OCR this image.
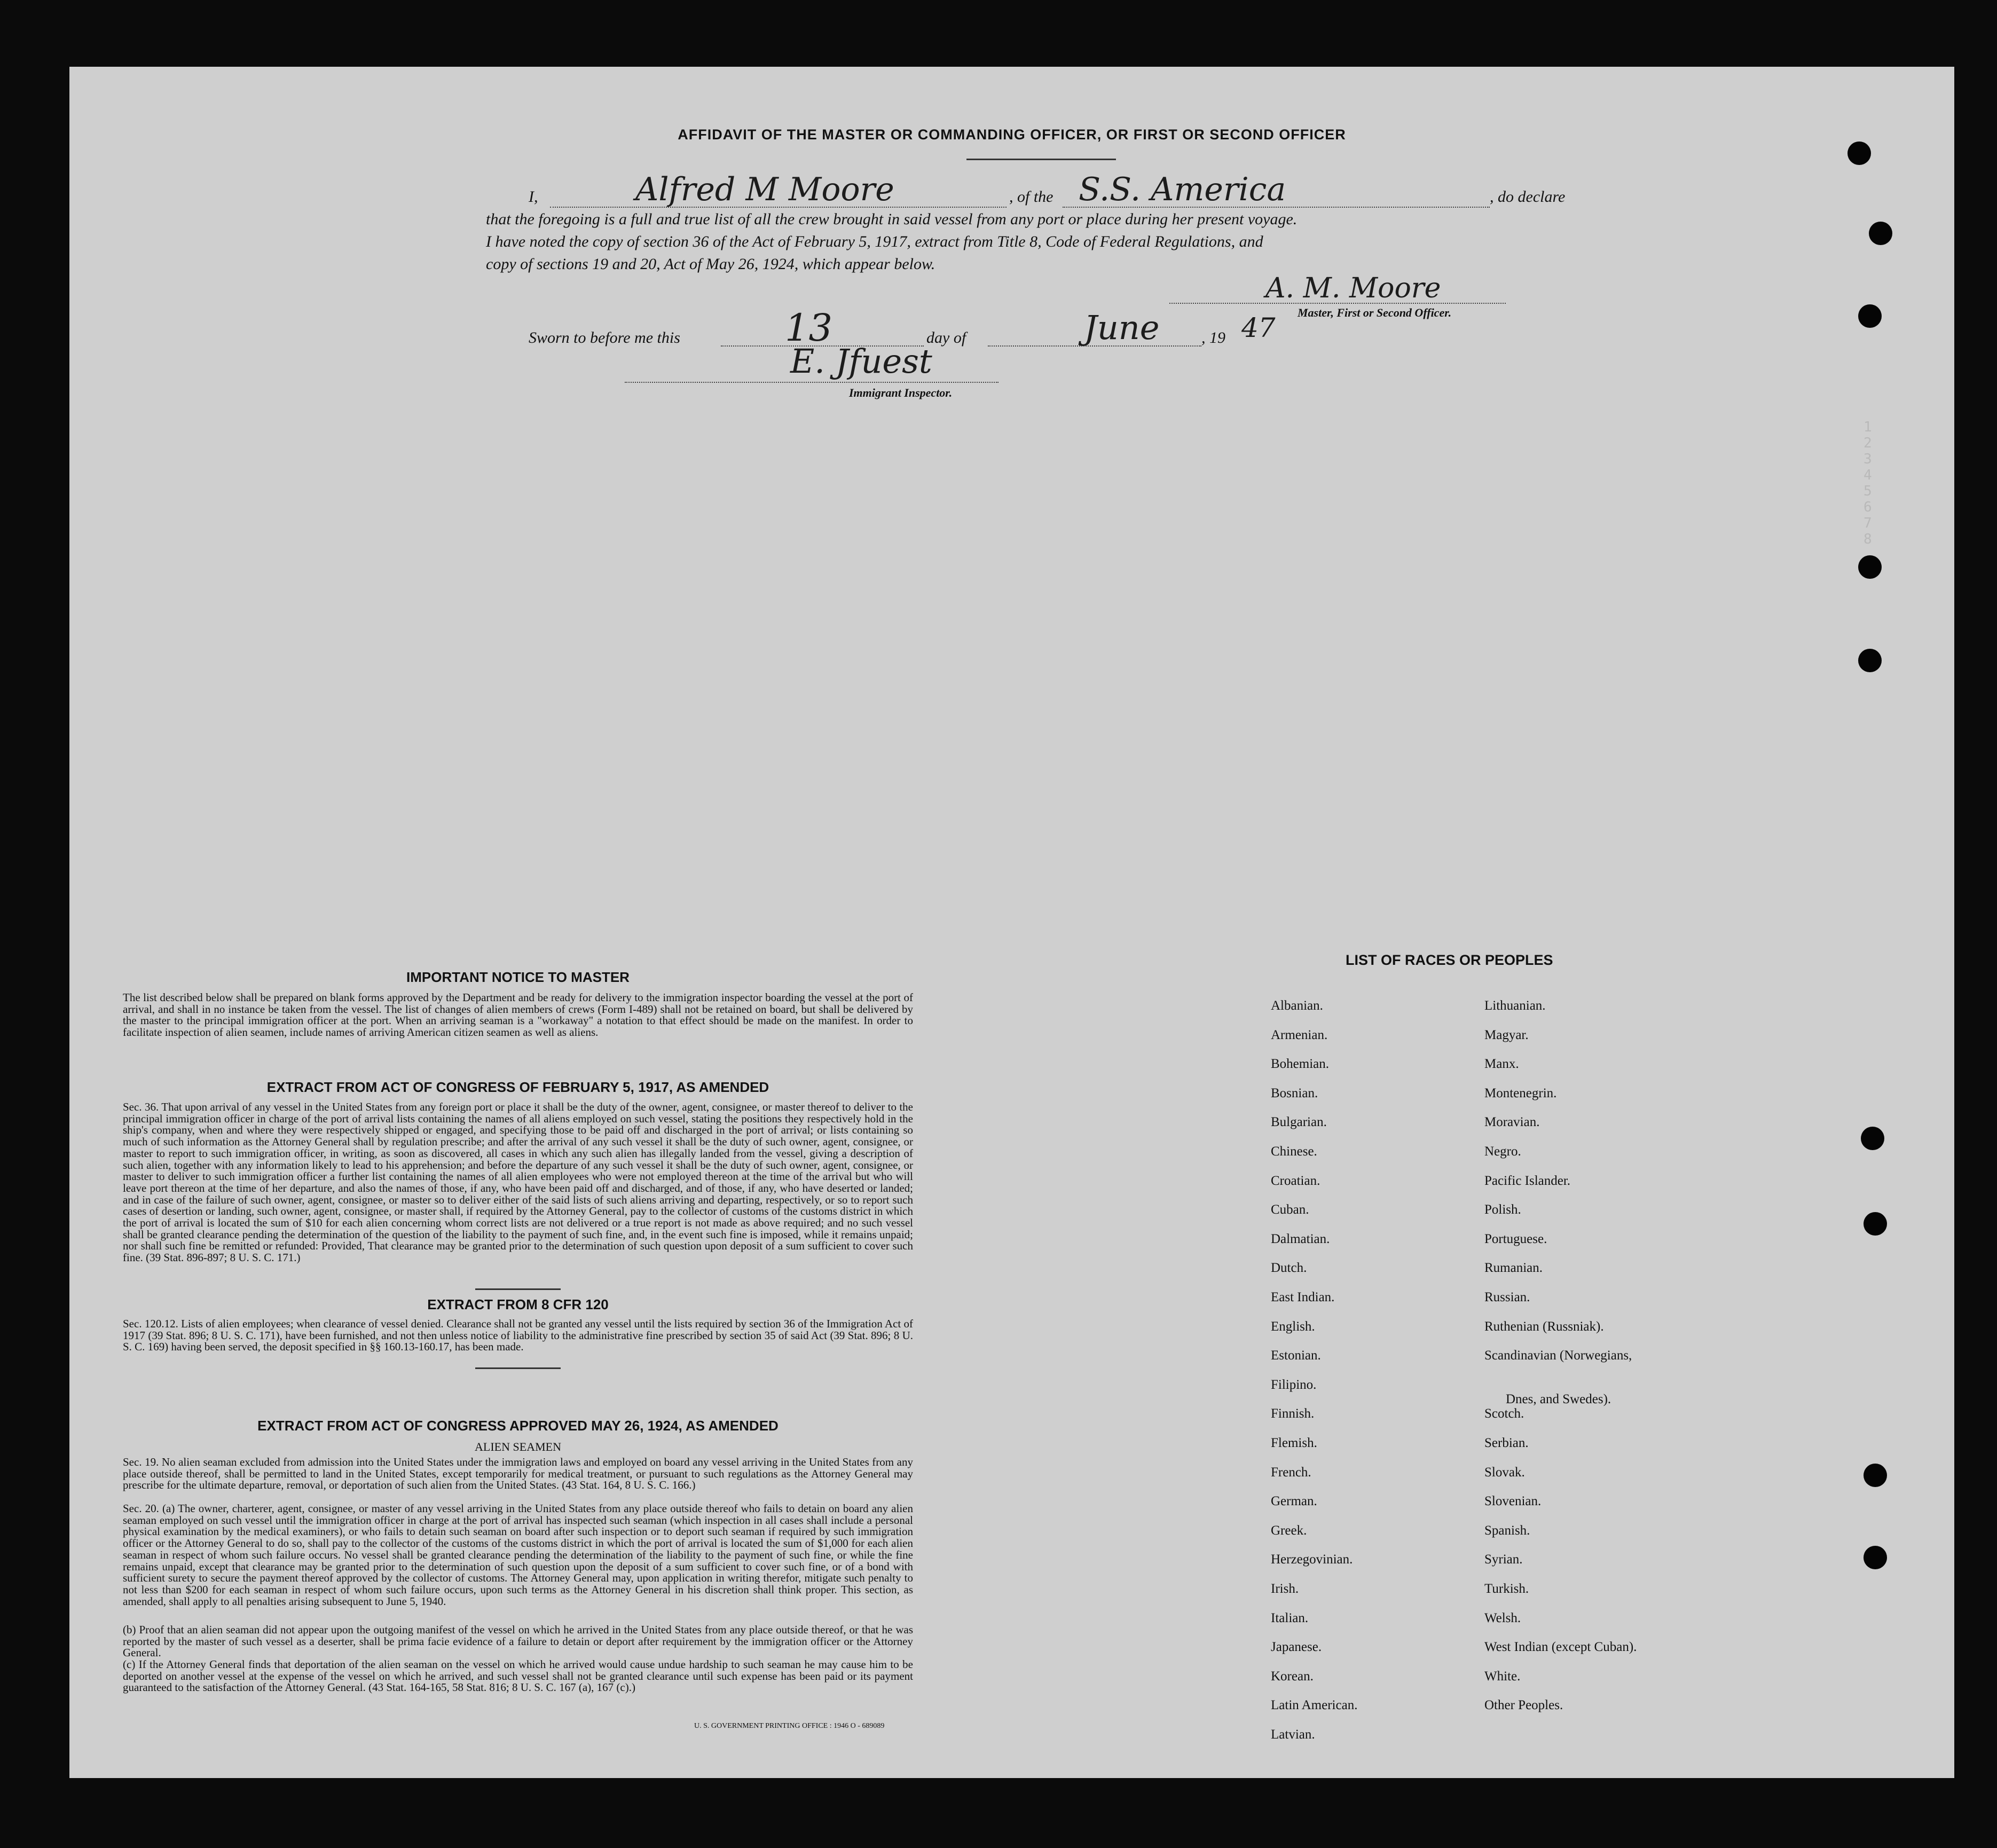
1
2
3
4
5
6
7
8
AFFIDAVIT OF THE MASTER OR COMMANDING OFFICER, OR FIRST OR SECOND OFFICER
I,	Alfred M Moore	, of the S.S. America	, do declare
that the foregoing is a full and true list of all the crew brought in said vessel from any port or place during her present voyage.
I have noted the copy of section 36 of the Act of February 5, 1917, extract from Title 8, Code of Federal Regulations, and
copy of sections 19 and 20, Act of May 26, 1924, which appear below.
A. M. Moore
Master, First or Second Officer.
Sworn to before me this	13	day of	June	, 19 47
E. Jfuest
Immigrant Inspector.
IMPORTANT NOTICE TO MASTER
The list described below shall be prepared on blank forms approved by the Department and be ready for delivery to the immigration inspector boarding the vessel at the port of arrival, and shall in no instance be taken from the vessel. The list of changes of alien members of crews (Form I-489) shall not be retained on board, but shall be delivered by the master to the principal immigration officer at the port. When an arriving seaman is a "workaway" a notation to that effect should be made on the manifest. In order to facilitate inspection of alien seamen, include names of arriving American citizen seamen as well as aliens.
EXTRACT FROM ACT OF CONGRESS OF FEBRUARY 5, 1917, AS AMENDED
Sec. 36. That upon arrival of any vessel in the United States from any foreign port or place it shall be the duty of the owner, agent, consignee, or master thereof to deliver to the principal immigration officer in charge of the port of arrival lists containing the names of all aliens employed on such vessel, stating the positions they respectively hold in the ship's company, when and where they were respectively shipped or engaged, and specifying those to be paid off and discharged in the port of arrival; or lists containing so much of such information as the Attorney General shall by regulation prescribe; and after the arrival of any such vessel it shall be the duty of such owner, agent, consignee, or master to report to such immigration officer, in writing, as soon as discovered, all cases in which any such alien has illegally landed from the vessel, giving a description of such alien, together with any information likely to lead to his apprehension; and before the departure of any such vessel it shall be the duty of such owner, agent, consignee, or master to deliver to such immigration officer a further list containing the names of all alien employees who were not employed thereon at the time of the arrival but who will leave port thereon at the time of her departure, and also the names of those, if any, who have been paid off and discharged, and of those, if any, who have deserted or landed; and in case of the failure of such owner, agent, consignee, or master so to deliver either of the said lists of such aliens arriving and departing, respectively, or so to report such cases of desertion or landing, such owner, agent, consignee, or master shall, if required by the Attorney General, pay to the collector of customs of the customs district in which the port of arrival is located the sum of $10 for each alien concerning whom correct lists are not delivered or a true report is not made as above required; and no such vessel shall be granted clearance pending the determination of the question of the liability to the payment of such fine, and, in the event such fine is imposed, while it remains unpaid; nor shall such fine be remitted or refunded: Provided, That clearance may be granted prior to the determination of such question upon deposit of a sum sufficient to cover such fine. (39 Stat. 896-897; 8 U. S. C. 171.)
EXTRACT FROM 8 CFR 120
Sec. 120.12. Lists of alien employees; when clearance of vessel denied. Clearance shall not be granted any vessel until the lists required by section 36 of the Immigration Act of 1917 (39 Stat. 896; 8 U. S. C. 171), have been furnished, and not then unless notice of liability to the administrative fine prescribed by section 35 of said Act (39 Stat. 896; 8 U. S. C. 169) having been served, the deposit specified in §§ 160.13-160.17, has been made.
EXTRACT FROM ACT OF CONGRESS APPROVED MAY 26, 1924, AS AMENDED
ALIEN SEAMEN
Sec. 19. No alien seaman excluded from admission into the United States under the immigration laws and employed on board any vessel arriving in the United States from any place outside thereof, shall be permitted to land in the United States, except temporarily for medical treatment, or pursuant to such regulations as the Attorney General may prescribe for the ultimate departure, removal, or deportation of such alien from the United States. (43 Stat. 164, 8 U. S. C. 166.)
Sec. 20. (a) The owner, charterer, agent, consignee, or master of any vessel arriving in the United States from any place outside thereof who fails to detain on board any alien seaman employed on such vessel until the immigration officer in charge at the port of arrival has inspected such seaman (which inspection in all cases shall include a personal physical examination by the medical examiners), or who fails to detain such seaman on board after such inspection or to deport such seaman if required by such immigration officer or the Attorney General to do so, shall pay to the collector of the customs of the customs district in which the port of arrival is located the sum of $1,000 for each alien seaman in respect of whom such failure occurs. No vessel shall be granted clearance pending the determination of the liability to the payment of such fine, or while the fine remains unpaid, except that clearance may be granted prior to the determination of such question upon the deposit of a sum sufficient to cover such fine, or of a bond with sufficient surety to secure the payment thereof approved by the collector of customs. The Attorney General may, upon application in writing therefor, mitigate such penalty to not less than $200 for each seaman in respect of whom such failure occurs, upon such terms as the Attorney General in his discretion shall think proper. This section, as amended, shall apply to all penalties arising subsequent to June 5, 1940.
(b) Proof that an alien seaman did not appear upon the outgoing manifest of the vessel on which he arrived in the United States from any place outside thereof, or that he was reported by the master of such vessel as a deserter, shall be prima facie evidence of a failure to detain or deport after requirement by the immigration officer or the Attorney General.
(c) If the Attorney General finds that deportation of the alien seaman on the vessel on which he arrived would cause undue hardship to such seaman he may cause him to be deported on another vessel at the expense of the vessel on which he arrived, and such vessel shall not be granted clearance until such expense has been paid or its payment guaranteed to the satisfaction of the Attorney General. (43 Stat. 164-165, 58 Stat. 816; 8 U. S. C. 167 (a), 167 (c).)
U. S. GOVERNMENT PRINTING OFFICE : 1946 O - 689089
LIST OF RACES OR PEOPLES
Albanian.
Armenian.
Bohemian.
Bosnian.
Bulgarian.
Chinese.
Croatian.
Cuban.
Dalmatian.
Dutch.
East Indian.
English.
Estonian.
Filipino.
Finnish.
Flemish.
French.
German.
Greek.
Herzegovinian.
Irish.
Italian.
Japanese.
Korean.
Latin American.
Latvian.
Lithuanian.
Magyar.
Manx.
Montenegrin.
Moravian.
Negro.
Pacific Islander.
Polish.
Portuguese.
Rumanian.
Russian.
Ruthenian (Russniak).
Scandinavian (Norwegians,
Dnes, and Swedes).
Scotch.
Serbian.
Slovak.
Slovenian.
Spanish.
Syrian.
Turkish.
Welsh.
West Indian (except Cuban).
White.
Other Peoples.
